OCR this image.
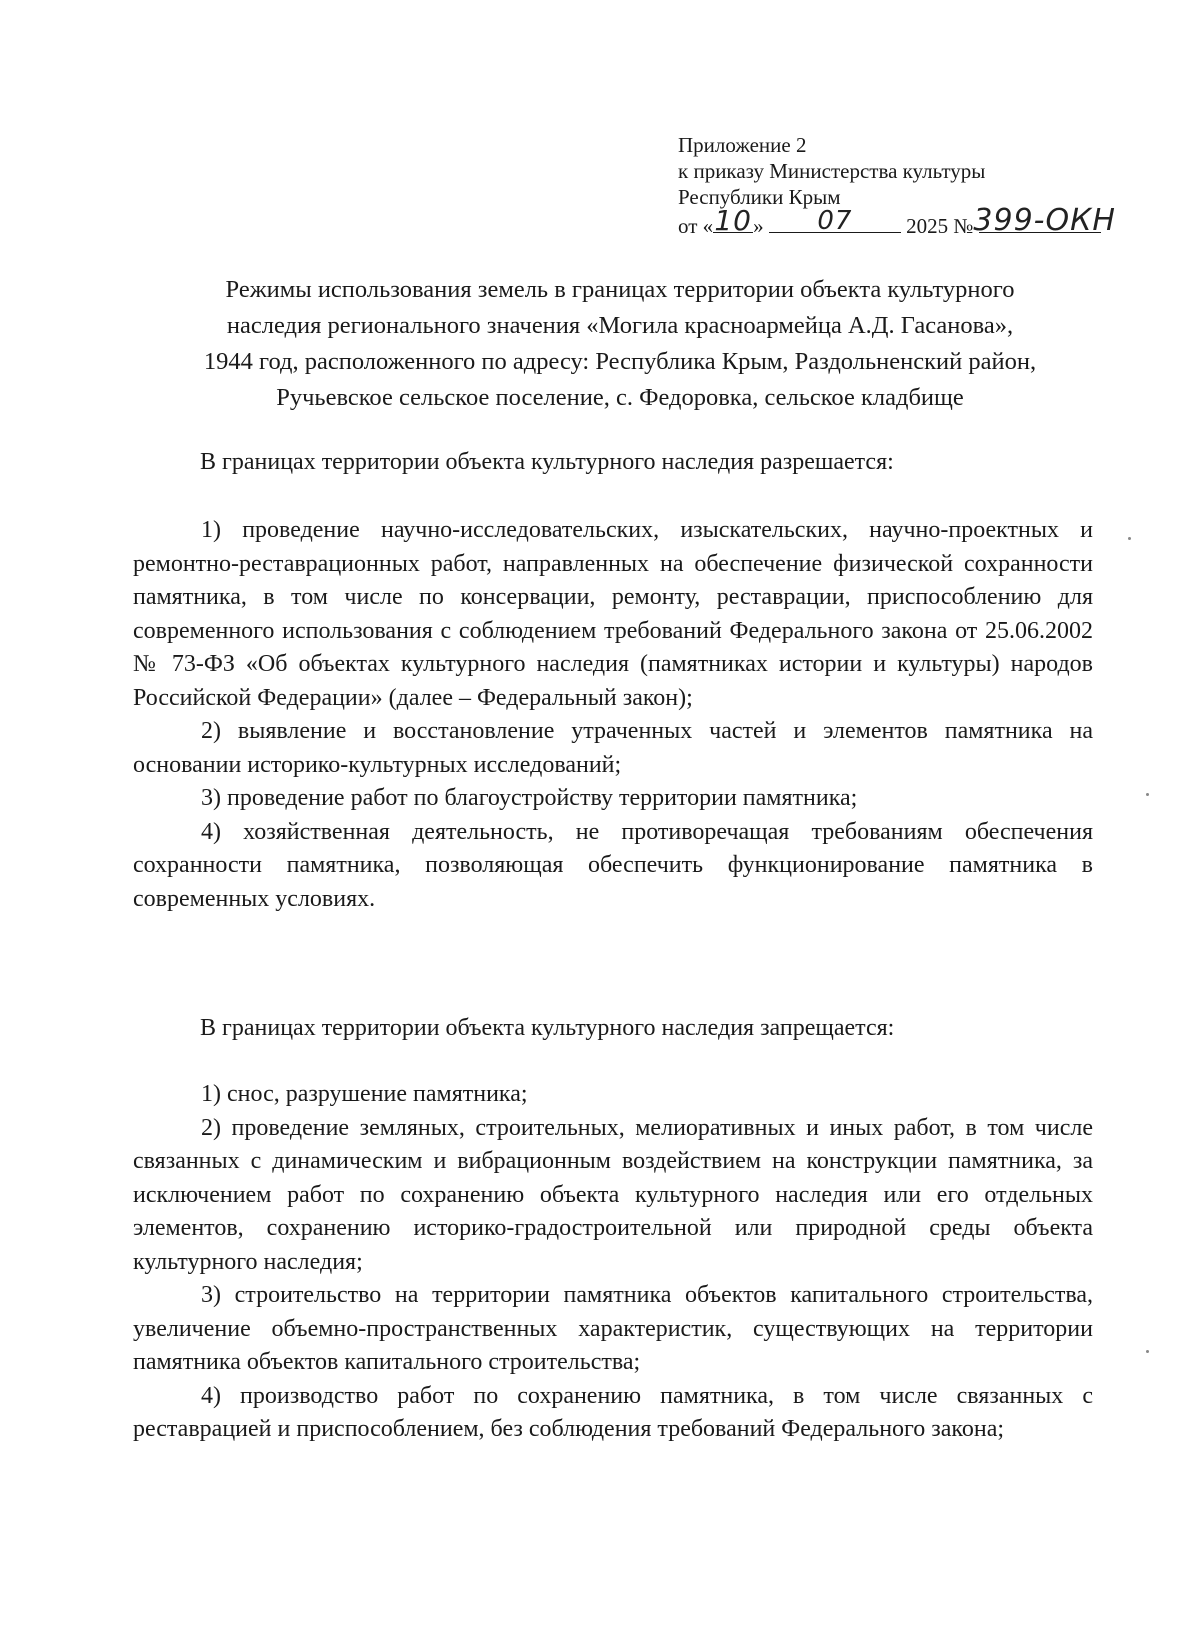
Приложение 2
к приказу Министерства культуры
Республики Крым
от « 10 »	07	2025 № 399-ОКН
Режимы использования земель в границах территории объекта культурного
наследия регионального значения «Могила красноармейца А.Д. Гасанова»,
1944 год, расположенного по адресу: Республика Крым, Раздольненский район,
Ручьевское сельское поселение, с. Федоровка, сельское кладбище
В границах территории объекта культурного наследия разрешается:

1) проведение научно-исследовательских, изыскательских, научно-проектных и ремонтно-реставрационных работ, направленных на обеспечение физической сохранности памятника, в том числе по консервации, ремонту, реставрации, приспособлению для современного использования с соблюдением требований Федерального закона от 25.06.2002 № 73-ФЗ «Об объектах культурного наследия (памятниках истории и культуры) народов Российской Федерации» (далее – Федеральный закон);

2) выявление и восстановление утраченных частей и элементов памятника на основании историко-культурных исследований;

3) проведение работ по благоустройству территории памятника;

4) хозяйственная деятельность, не противоречащая требованиям обеспечения сохранности памятника, позволяющая обеспечить функционирование памятника в современных условиях.

В границах территории объекта культурного наследия запрещается:

1) снос, разрушение памятника;

2) проведение земляных, строительных, мелиоративных и иных работ, в том числе связанных с динамическим и вибрационным воздействием на конструкции памятника, за исключением работ по сохранению объекта культурного наследия или его отдельных элементов, сохранению историко-градостроительной или природной среды объекта культурного наследия;

3) строительство на территории памятника объектов капитального строительства, увеличение объемно-пространственных характеристик, существующих на территории памятника объектов капитального строительства;

4) производство работ по сохранению памятника, в том числе связанных с реставрацией и приспособлением, без соблюдения требований Федерального закона;
